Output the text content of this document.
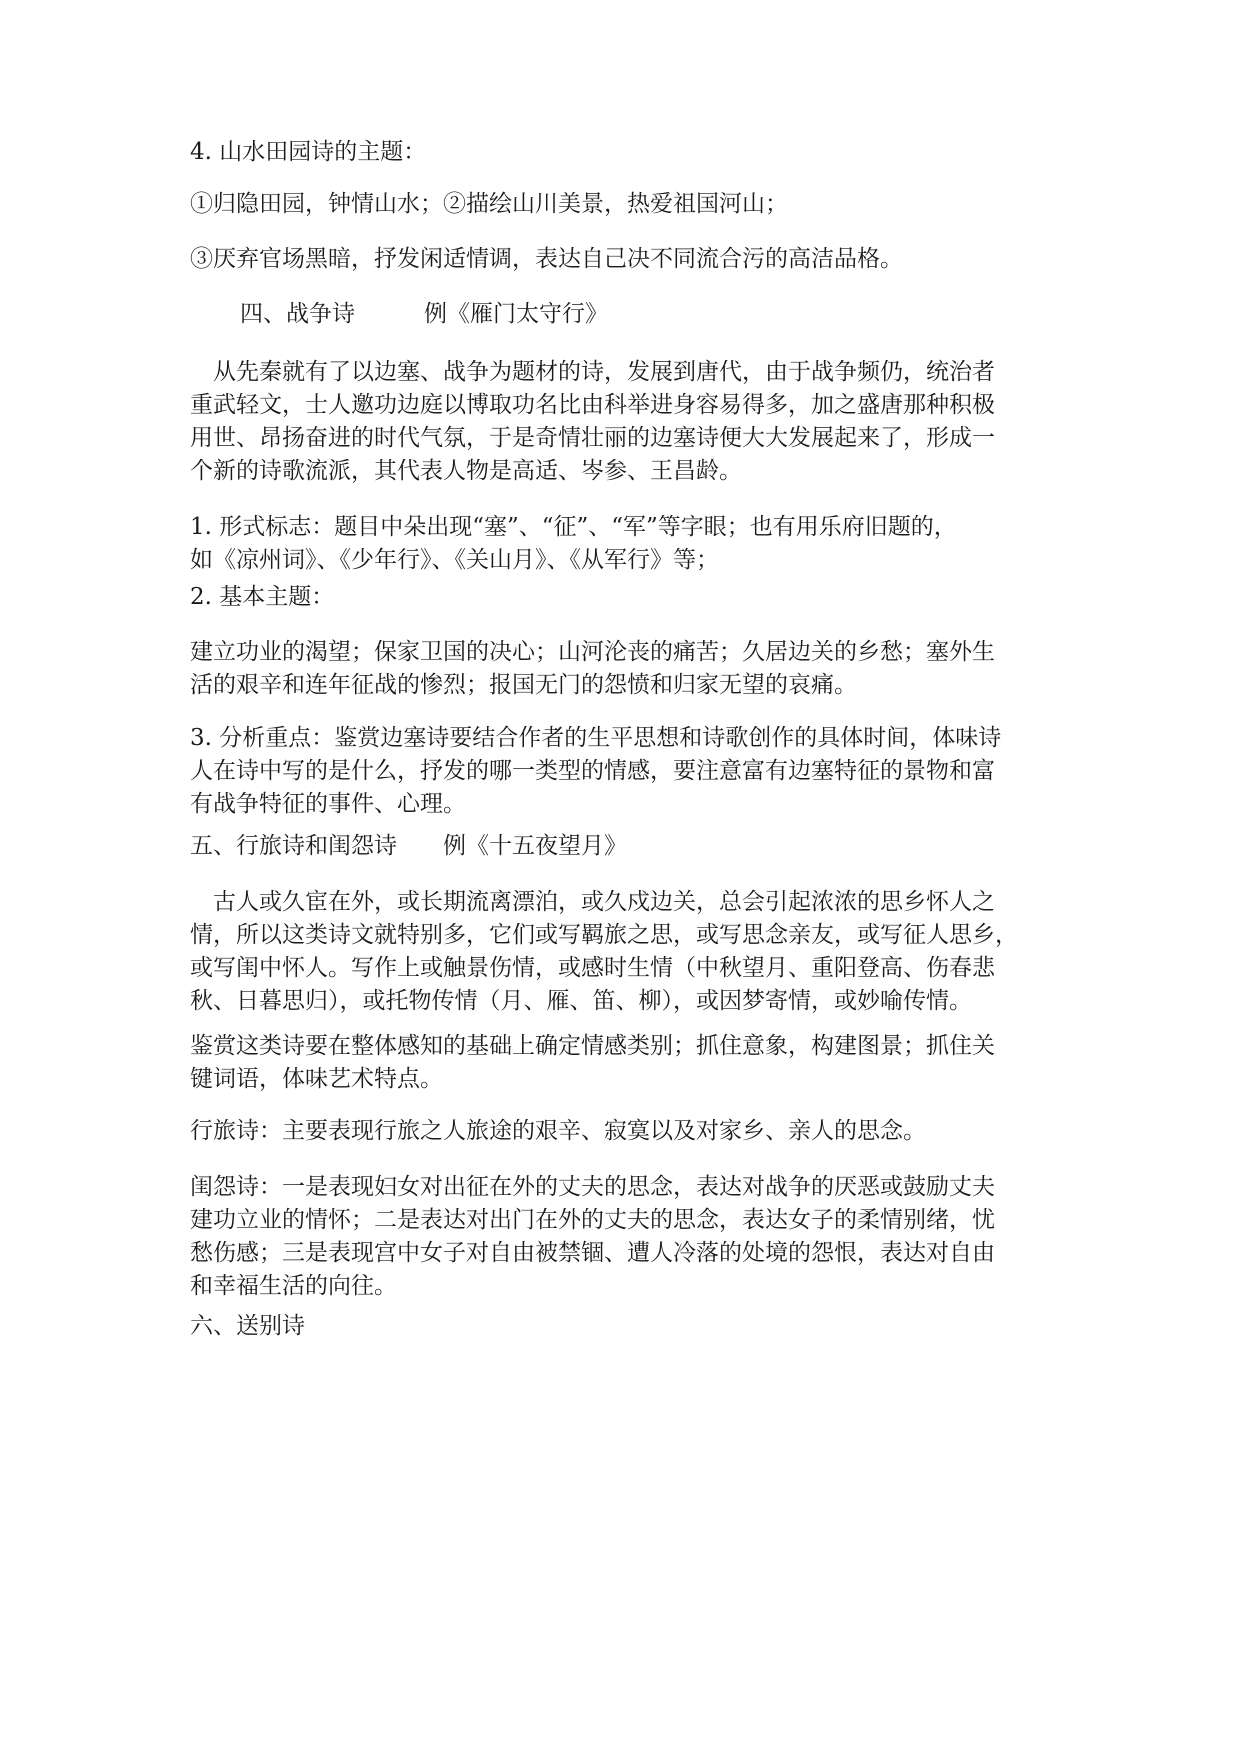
4. 山水田园诗的主题：

①归隐田园，钟情山水；②描绘山川美景，热爱祖国河山；

③厌弃官场黑暗，抒发闲适情调，表达自己决不同流合污的高洁品格。

四、战争诗　　　例《雁门太守行》

　从先秦就有了以边塞、战争为题材的诗，发展到唐代，由于战争频仍，统治者
重武轻文，士人邀功边庭以博取功名比由科举进身容易得多，加之盛唐那种积极
用世、昂扬奋进的时代气氛，于是奇情壮丽的边塞诗便大大发展起来了，形成一
个新的诗歌流派，其代表人物是高适、岑参、王昌龄。

1. 形式标志：题目中朵出现“塞”、“征”、“军”等字眼；也有用乐府旧题的，
如《凉州词》、《少年行》、《关山月》、《从军行》等；

2. 基本主题：

建立功业的渴望；保家卫国的决心；山河沦丧的痛苦；久居边关的乡愁；塞外生
活的艰辛和连年征战的惨烈；报国无门的怨愤和归家无望的哀痛。

3. 分析重点：鉴赏边塞诗要结合作者的生平思想和诗歌创作的具体时间，体味诗
人在诗中写的是什么，抒发的哪一类型的情感，要注意富有边塞特征的景物和富
有战争特征的事件、心理。

五、行旅诗和闺怨诗　　例《十五夜望月》

　古人或久宦在外，或长期流离漂泊，或久戍边关，总会引起浓浓的思乡怀人之
情，所以这类诗文就特别多，它们或写羁旅之思，或写思念亲友，或写征人思乡，
或写闺中怀人。写作上或触景伤情，或感时生情（中秋望月、重阳登高、伤春悲
秋、日暮思归），或托物传情（月、雁、笛、柳），或因梦寄情，或妙喻传情。

鉴赏这类诗要在整体感知的基础上确定情感类别；抓住意象，构建图景；抓住关
键词语，体味艺术特点。

行旅诗：主要表现行旅之人旅途的艰辛、寂寞以及对家乡、亲人的思念。

闺怨诗：一是表现妇女对出征在外的丈夫的思念，表达对战争的厌恶或鼓励丈夫
建功立业的情怀；二是表达对出门在外的丈夫的思念，表达女子的柔情别绪，忧
愁伤感；三是表现宫中女子对自由被禁锢、遭人冷落的处境的怨恨，表达对自由
和幸福生活的向往。

六、送别诗
